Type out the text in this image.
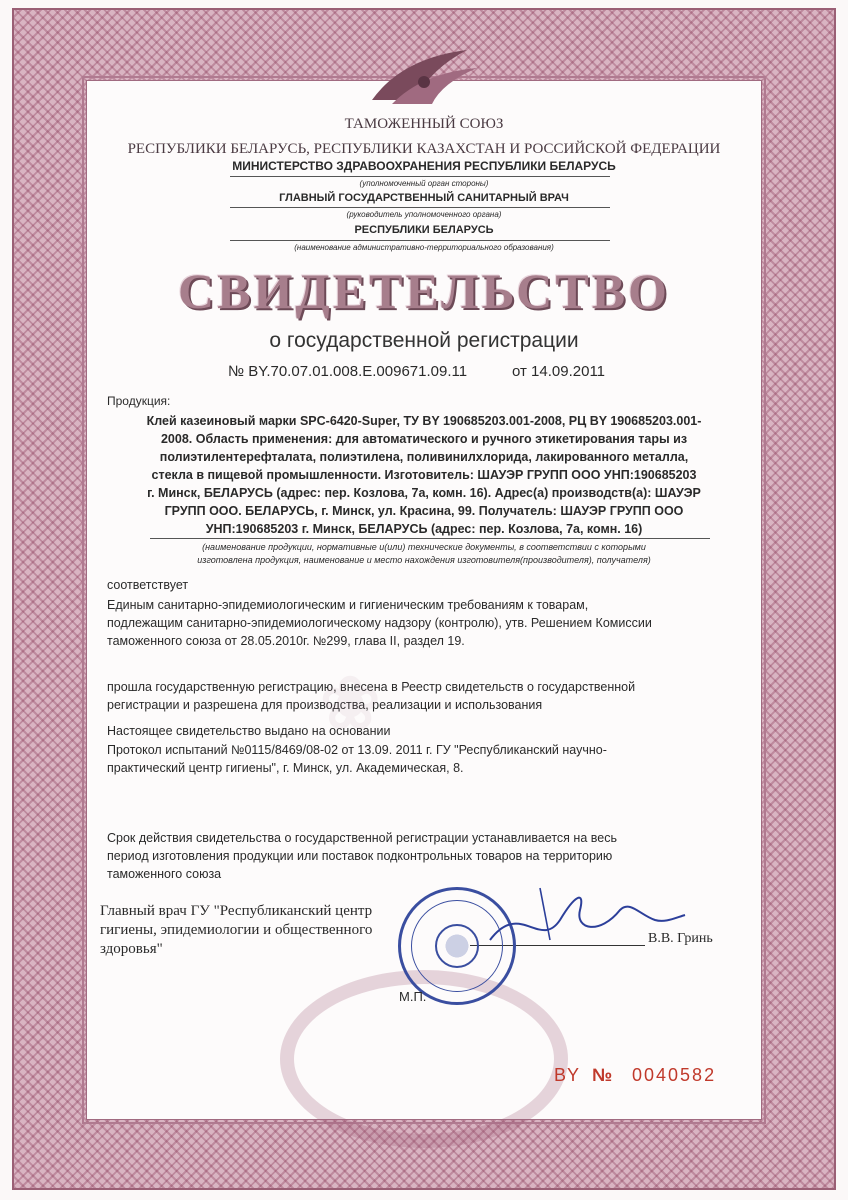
ТАМОЖЕННЫЙ СОЮЗ
РЕСПУБЛИКИ БЕЛАРУСЬ, РЕСПУБЛИКИ КАЗАХСТАН И РОССИЙСКОЙ ФЕДЕРАЦИИ
МИНИСТЕРСТВО ЗДРАВООХРАНЕНИЯ РЕСПУБЛИКИ БЕЛАРУСЬ
(уполномоченный орган стороны)
ГЛАВНЫЙ ГОСУДАРСТВЕННЫЙ САНИТАРНЫЙ ВРАЧ
(руководитель уполномоченного органа)
РЕСПУБЛИКИ БЕЛАРУСЬ
(наименование административно-территориального образования)
СВИДЕТЕЛЬСТВО
о государственной регистрации
№ BY.70.07.01.008.E.009671.09.11	от 14.09.2011
Продукция:
Клей казеиновый марки SPC-6420-Super, ТУ BY 190685203.001-2008, РЦ BY 190685203.001-
2008. Область применения: для автоматического и ручного этикетирования тары из
полиэтилентерефталата, полиэтилена, поливинилхлорида, лакированного металла,
стекла в пищевой промышленности. Изготовитель: ШАУЭР ГРУПП ООО УНП:190685203
г. Минск, БЕЛАРУСЬ (адрес: пер. Козлова, 7а, комн. 16). Адрес(а) производств(а): ШАУЭР
ГРУПП ООО. БЕЛАРУСЬ, г. Минск, ул. Красина, 99. Получатель: ШАУЭР ГРУПП ООО
УНП:190685203 г. Минск, БЕЛАРУСЬ (адрес: пер. Козлова, 7а, комн. 16)
(наименование продукции, нормативные и(или) технические документы, в соответствии с которыми
изготовлена продукция, наименование и место нахождения изготовителя(производителя), получателя)
соответствует
Единым санитарно-эпидемиологическим и гигиеническим требованиям к товарам,
подлежащим санитарно-эпидемиологическому надзору (контролю), утв. Решением Комиссии
таможенного союза от 28.05.2010г. №299, глава II, раздел 19.
прошла государственную регистрацию, внесена в Реестр свидетельств о государственной
регистрации и разрешена для производства, реализации и использования
Настоящее свидетельство выдано на основании
Протокол испытаний №0115/8469/08-02 от 13.09. 2011 г. ГУ "Республиканский научно-
практический центр гигиены", г. Минск, ул. Академическая, 8.
❀
Срок действия свидетельства о государственной регистрации устанавливается на весь
период изготовления продукции или поставок подконтрольных товаров на территорию
таможенного союза
Главный врач ГУ "Республиканский центр
гигиены, эпидемиологии и общественного
здоровья"
В.В. Гринь
М.П.
BY № 0040582
